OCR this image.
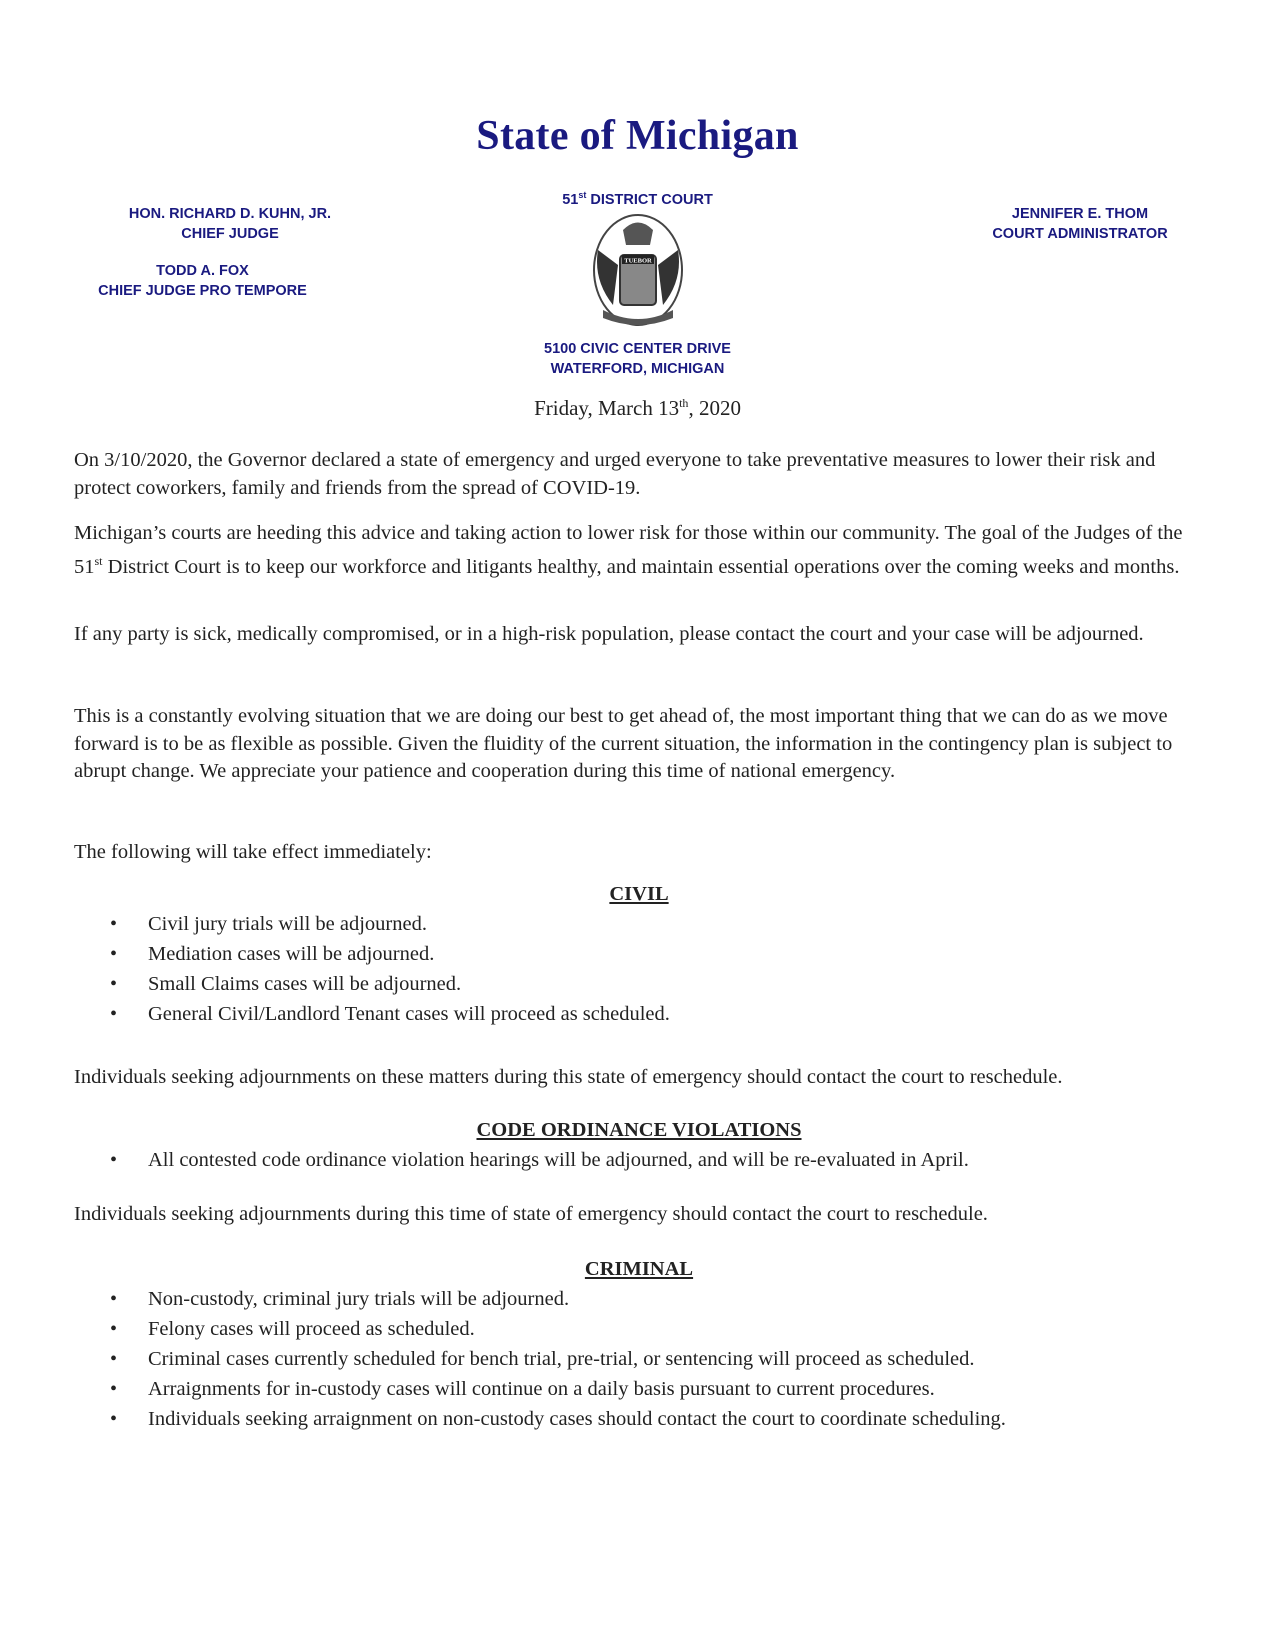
State of Michigan
HON. RICHARD D. KUHN, JR.
CHIEF JUDGE
TODD A. FOX
CHIEF JUDGE PRO TEMPORE
JENNIFER E. THOM
COURT ADMINISTRATOR
51st DISTRICT COURT
TUEBOR
5100 CIVIC CENTER DRIVE
WATERFORD, MICHIGAN
Friday, March 13th, 2020

On 3/10/2020, the Governor declared a state of emergency and urged everyone to take preventative measures to lower their risk and protect coworkers, family and friends from the spread of COVID-19.

Michigan’s courts are heeding this advice and taking action to lower risk for those within our community. The goal of the Judges of the 51st District Court is to keep our workforce and litigants healthy, and maintain essential operations over the coming weeks and months.

If any party is sick, medically compromised, or in a high-risk population, please contact the court and your case will be adjourned.

This is a constantly evolving situation that we are doing our best to get ahead of, the most important thing that we can do as we move forward is to be as flexible as possible. Given the fluidity of the current situation, the information in the contingency plan is subject to abrupt change. We appreciate your patience and cooperation during this time of national emergency.

The following will take effect immediately:

CIVIL
• Civil jury trials will be adjourned.
• Mediation cases will be adjourned.
• Small Claims cases will be adjourned.
• General Civil/Landlord Tenant cases will proceed as scheduled.

Individuals seeking adjournments on these matters during this state of emergency should contact the court to reschedule.

CODE ORDINANCE VIOLATIONS
• All contested code ordinance violation hearings will be adjourned, and will be re-evaluated in April.

Individuals seeking adjournments during this time of state of emergency should contact the court to reschedule.

CRIMINAL
• Non-custody, criminal jury trials will be adjourned.
• Felony cases will proceed as scheduled.
• Criminal cases currently scheduled for bench trial, pre-trial, or sentencing will proceed as scheduled.
• Arraignments for in-custody cases will continue on a daily basis pursuant to current procedures.
• Individuals seeking arraignment on non-custody cases should contact the court to coordinate scheduling.
